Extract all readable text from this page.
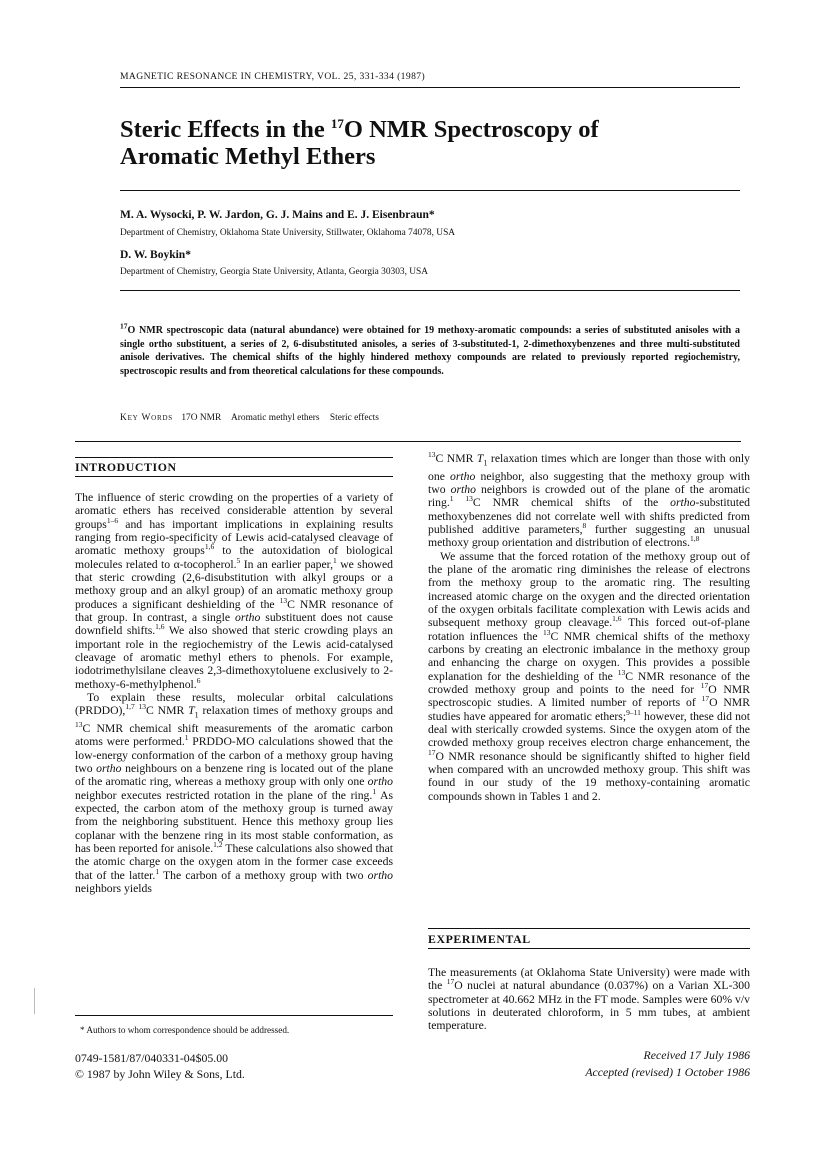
MAGNETIC RESONANCE IN CHEMISTRY, VOL. 25, 331-334 (1987)
Steric Effects in the $^{17}$O NMR Spectroscopy of
Aromatic Methyl Ethers
M. A. Wysocki, P. W. Jardon, G. J. Mains and E. J. Eisenbraun*
Department of Chemistry, Oklahoma State University, Stillwater, Oklahoma 74078, USA
D. W. Boykin*
Department of Chemistry, Georgia State University, Atlanta, Georgia 30303, USA
$^{17}$O NMR spectroscopic data (natural abundance) were obtained for 19 methoxy-aromatic compounds: a series of substituted anisoles with a single ortho substituent, a series of 2, 6-disubstituted anisoles, a series of 3-substituted-1, 2-dimethoxybenzenes and three multi-substituted anisole derivatives. The chemical shifts of the highly hindered methoxy compounds are related to previously reported regiochemistry, spectroscopic results and from theoretical calculations for these compounds.
Key Words 17O NMR Aromatic methyl ethers Steric effects
INTRODUCTION

The influence of steric crowding on the properties of a variety of aromatic ethers has received considerable attention by several groups$^{1-6}$ and has important implications in explaining results ranging from regio-specificity of Lewis acid-catalysed cleavage of aromatic methoxy groups$^{1,6}$ to the autoxidation of biological molecules related to α-tocopherol.$^5$ In an earlier paper,$^1$ we showed that steric crowding (2,6-disubstitution with alkyl groups or a methoxy group and an alkyl group) of an aromatic methoxy group produces a significant deshielding of the $^{13}$C NMR resonance of that group. In contrast, a single ortho substituent does not cause downfield shifts.$^{1,6}$ We also showed that steric crowding plays an important role in the regiochemistry of the Lewis acid-catalysed cleavage of aromatic methyl ethers to phenols. For example, iodotrimethylsilane cleaves 2,3-dimethoxytoluene exclusively to 2-methoxy-6-methylphenol.$^6$

To explain these results, molecular orbital calculations (PRDDO),$^{1,7}$ $^{13}$C NMR $T_1$ relaxation times of methoxy groups and $^{13}$C NMR chemical shift measurements of the aromatic carbon atoms were performed.$^1$ PRDDO-MO calculations showed that the low-energy conformation of the carbon of a methoxy group having two ortho neighbours on a benzene ring is located out of the plane of the aromatic ring, whereas a methoxy group with only one ortho neighbor executes restricted rotation in the plane of the ring.$^1$ As expected, the carbon atom of the methoxy group is turned away from the neighboring substituent. Hence this methoxy group lies coplanar with the benzene ring in its most stable conformation, as has been reported for anisole.$^{1,2}$ These calculations also showed that the atomic charge on the oxygen atom in the former case exceeds that of the latter.$^1$ The carbon of a methoxy group with two ortho neighbors yields

* Authors to whom correspondence should be addressed.
0749-1581/87/040331-04$05.00
© 1987 by John Wiley & Sons, Ltd.

$^{13}$C NMR $T_1$ relaxation times which are longer than those with only one ortho neighbor, also suggesting that the methoxy group with two ortho neighbors is crowded out of the plane of the aromatic ring.$^1$ $^{13}$C NMR chemical shifts of the ortho-substituted methoxybenzenes did not correlate well with shifts predicted from published additive parameters,$^8$ further suggesting an unusual methoxy group orientation and distribution of electrons.$^{1,8}$

We assume that the forced rotation of the methoxy group out of the plane of the aromatic ring diminishes the release of electrons from the methoxy group to the aromatic ring. The resulting increased atomic charge on the oxygen and the directed orientation of the oxygen orbitals facilitate complexation with Lewis acids and subsequent methoxy group cleavage.$^{1,6}$ This forced out-of-plane rotation influences the $^{13}$C NMR chemical shifts of the methoxy carbons by creating an electronic imbalance in the methoxy group and enhancing the charge on oxygen. This provides a possible explanation for the deshielding of the $^{13}$C NMR resonance of the crowded methoxy group and points to the need for $^{17}$O NMR spectroscopic studies. A limited number of reports of $^{17}$O NMR studies have appeared for aromatic ethers;$^{9-11}$ however, these did not deal with sterically crowded systems. Since the oxygen atom of the crowded methoxy group receives electron charge enhancement, the $^{17}$O NMR resonance should be significantly shifted to higher field when compared with an uncrowded methoxy group. This shift was found in our study of the 19 methoxy-containing aromatic compounds shown in Tables 1 and 2.

EXPERIMENTAL

The measurements (at Oklahoma State University) were made with the $^{17}$O nuclei at natural abundance (0.037%) on a Varian XL-300 spectrometer at 40.662 MHz in the FT mode. Samples were 60% v/v solutions in deuterated chloroform, in 5 mm tubes, at ambient temperature.

Received 17 July 1986
Accepted (revised) 1 October 1986
